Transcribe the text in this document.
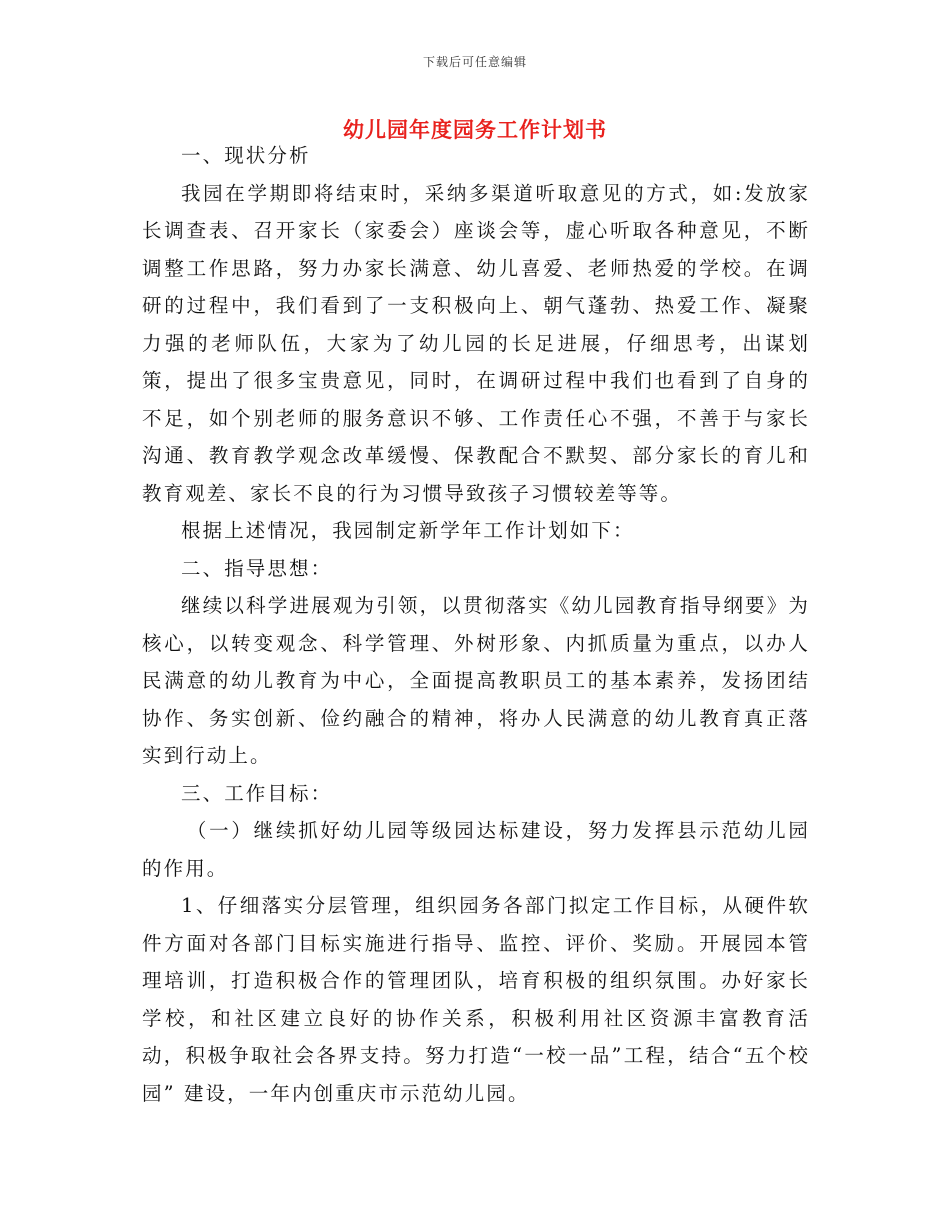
下载后可任意编辑
幼儿园年度园务工作计划书

一、现状分析

我园在学期即将结束时，采纳多渠道听取意见的方式，如:发放家长调查表、召开家长（家委会）座谈会等，虚心听取各种意见，不断调整工作思路，努力办家长满意、幼儿喜爱、老师热爱的学校。在调研的过程中，我们看到了一支积极向上、朝气蓬勃、热爱工作、凝聚力强的老师队伍，大家为了幼儿园的长足进展，仔细思考，出谋划策，提出了很多宝贵意见，同时，在调研过程中我们也看到了自身的不足，如个别老师的服务意识不够、工作责任心不强，不善于与家长沟通、教育教学观念改革缓慢、保教配合不默契、部分家长的育儿和教育观差、家长不良的行为习惯导致孩子习惯较差等等。

根据上述情况，我园制定新学年工作计划如下：

二、指导思想：

继续以科学进展观为引领，以贯彻落实《幼儿园教育指导纲要》为核心，以转变观念、科学管理、外树形象、内抓质量为重点，以办人民满意的幼儿教育为中心，全面提高教职员工的基本素养，发扬团结协作、务实创新、俭约融合的精神，将办人民满意的幼儿教育真正落实到行动上。

三、工作目标：

（一）继续抓好幼儿园等级园达标建设，努力发挥县示范幼儿园的作用。

1、仔细落实分层管理，组织园务各部门拟定工作目标，从硬件软件方面对各部门目标实施进行指导、监控、评价、奖励。开展园本管理培训，打造积极合作的管理团队，培育积极的组织氛围。办好家长学校，和社区建立良好的协作关系，积极利用社区资源丰富教育活动，积极争取社会各界支持。努力打造“一校一品”工程，结合“五个校园” 建设，一年内创重庆市示范幼儿园。
